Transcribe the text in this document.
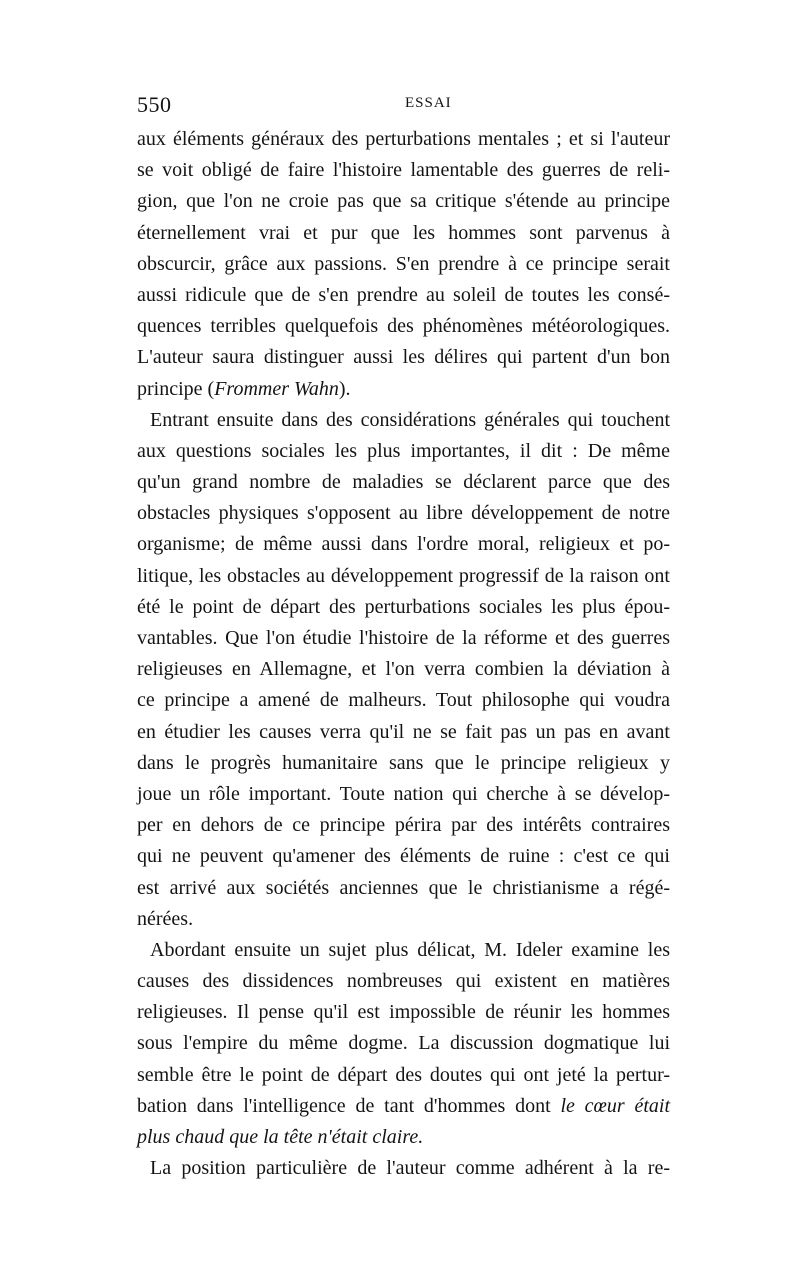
550	ESSAI
aux éléments généraux des perturbations mentales ; et si l'auteur
se voit obligé de faire l'histoire lamentable des guerres de reli-
gion, que l'on ne croie pas que sa critique s'étende au principe
éternellement vrai et pur que les hommes sont parvenus à
obscurcir, grâce aux passions. S'en prendre à ce principe serait
aussi ridicule que de s'en prendre au soleil de toutes les consé-
quences terribles quelquefois des phénomènes météorologiques.
L'auteur saura distinguer aussi les délires qui partent d'un bon
principe (Frommer Wahn).
Entrant ensuite dans des considérations générales qui touchent
aux questions sociales les plus importantes, il dit : De même
qu'un grand nombre de maladies se déclarent parce que des
obstacles physiques s'opposent au libre développement de notre
organisme; de même aussi dans l'ordre moral, religieux et po-
litique, les obstacles au développement progressif de la raison ont
été le point de départ des perturbations sociales les plus épou-
vantables. Que l'on étudie l'histoire de la réforme et des guerres
religieuses en Allemagne, et l'on verra combien la déviation à
ce principe a amené de malheurs. Tout philosophe qui voudra
en étudier les causes verra qu'il ne se fait pas un pas en avant
dans le progrès humanitaire sans que le principe religieux y
joue un rôle important. Toute nation qui cherche à se dévelop-
per en dehors de ce principe périra par des intérêts contraires
qui ne peuvent qu'amener des éléments de ruine : c'est ce qui
est arrivé aux sociétés anciennes que le christianisme a régé-
nérées.
Abordant ensuite un sujet plus délicat, M. Ideler examine les
causes des dissidences nombreuses qui existent en matières
religieuses. Il pense qu'il est impossible de réunir les hommes
sous l'empire du même dogme. La discussion dogmatique lui
semble être le point de départ des doutes qui ont jeté la pertur-
bation dans l'intelligence de tant d'hommes dont le cœur était
plus chaud que la tête n'était claire.
La position particulière de l'auteur comme adhérent à la re-
